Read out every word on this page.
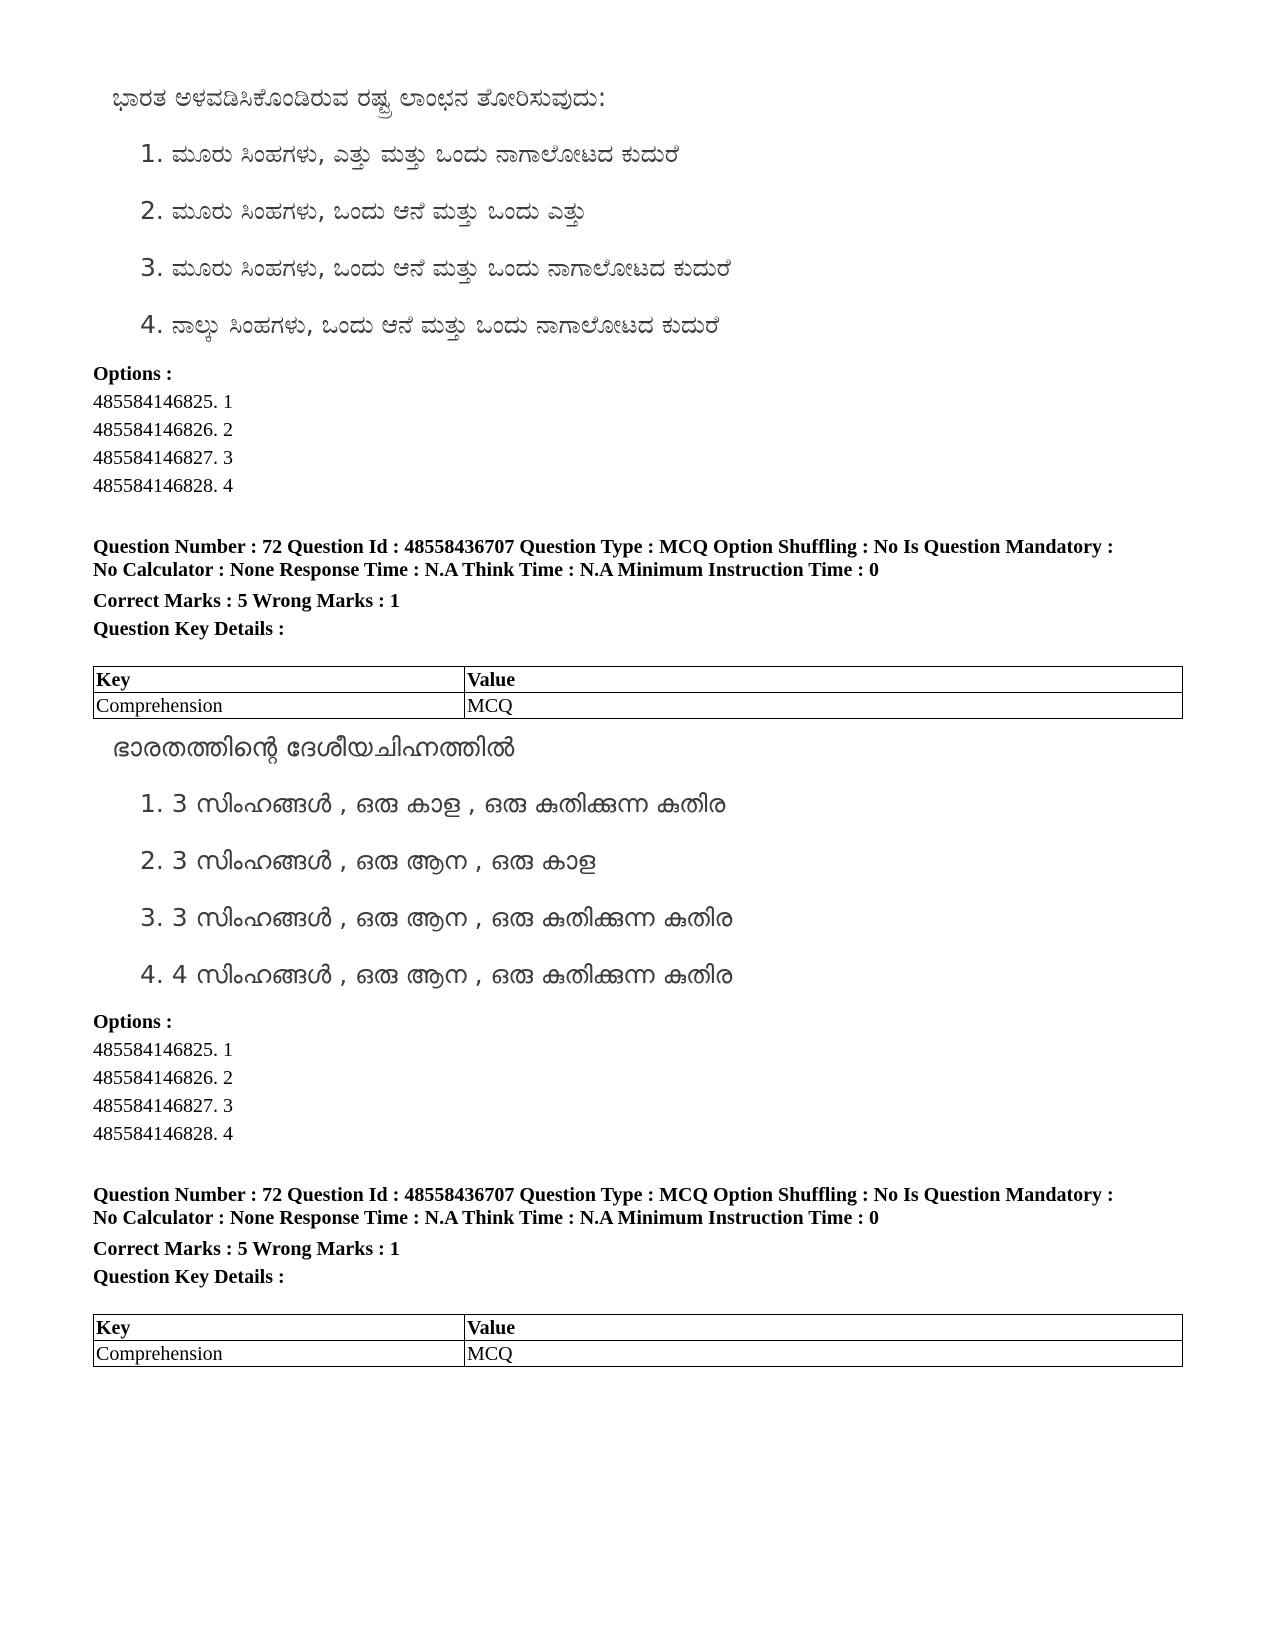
ಭಾರತ ಅಳವಡಿಸಿಕೊಂಡಿರುವ ರಷ್ಟ್ರ ಲಾಂಛನ ತೋರಿಸುವುದು:
1. ಮೂರು ಸಿಂಹಗಳು, ಎತ್ತು ಮತ್ತು ಒಂದು ನಾಗಾಲೋಟದ ಕುದುರೆ
2. ಮೂರು ಸಿಂಹಗಳು, ಒಂದು ಆನೆ ಮತ್ತು ಒಂದು ಎತ್ತು
3. ಮೂರು ಸಿಂಹಗಳು, ಒಂದು ಆನೆ ಮತ್ತು ಒಂದು ನಾಗಾಲೋಟದ ಕುದುರೆ
4. ನಾಲ್ಕು ಸಿಂಹಗಳು, ಒಂದು ಆನೆ ಮತ್ತು ಒಂದು ನಾಗಾಲೋಟದ ಕುದುರೆ
Options :
485584146825. 1
485584146826. 2
485584146827. 3
485584146828. 4
Question Number : 72 Question Id : 48558436707 Question Type : MCQ Option Shuffling : No Is Question Mandatory :
No Calculator : None Response Time : N.A Think Time : N.A Minimum Instruction Time : 0
Correct Marks : 5 Wrong Marks : 1
Question Key Details :
Key	Value
Comprehension	MCQ
ഭാരതത്തിന്റെ ദേശീയചിഹ്നത്തിൽ
1. 3 സിംഹങ്ങൾ , ഒരു കാള , ഒരു കുതിക്കുന്ന കുതിര
2. 3 സിംഹങ്ങൾ , ഒരു ആന , ഒരു കാള
3. 3 സിംഹങ്ങൾ , ഒരു ആന , ഒരു കുതിക്കുന്ന കുതിര
4. 4 സിംഹങ്ങൾ , ഒരു ആന , ഒരു കുതിക്കുന്ന കുതിര
Options :
485584146825. 1
485584146826. 2
485584146827. 3
485584146828. 4
Question Number : 72 Question Id : 48558436707 Question Type : MCQ Option Shuffling : No Is Question Mandatory :
No Calculator : None Response Time : N.A Think Time : N.A Minimum Instruction Time : 0
Correct Marks : 5 Wrong Marks : 1
Question Key Details :
Key	Value
Comprehension	MCQ
